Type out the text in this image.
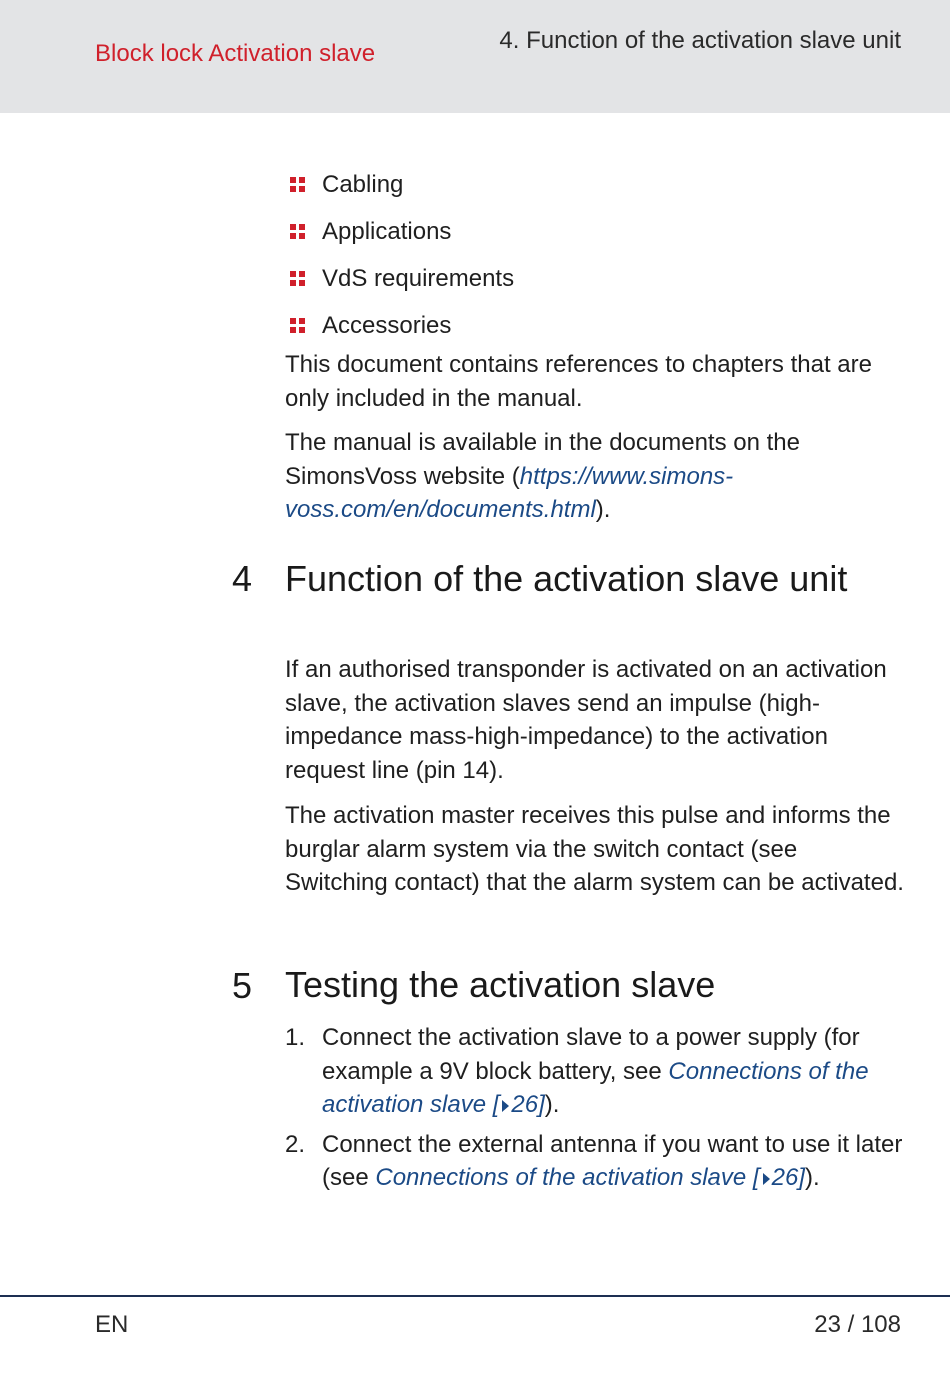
Block lock Activation slave	4. Function of the activation slave unit
Cabling
Applications
VdS requirements
Accessories

This document contains references to chapters that are only included in the manual.

The manual is available in the documents on the SimonsVoss website (https://www.simons-voss.com/en/documents.html).

4 Function of the activation slave unit

If an authorised transponder is activated on an activation slave, the activation slaves send an impulse (high-impedance mass-high-impedance) to the activation request line (pin 14).

The activation master receives this pulse and informs the burglar alarm system via the switch contact (see Switching contact) that the alarm system can be activated.

5 Testing the activation slave
1. Connect the activation slave to a power supply (for example a 9V block battery, see Connections of the activation slave [ 26]).
2. Connect the external antenna if you want to use it later (see Connections of the activation slave [ 26]).
EN	23 / 108
